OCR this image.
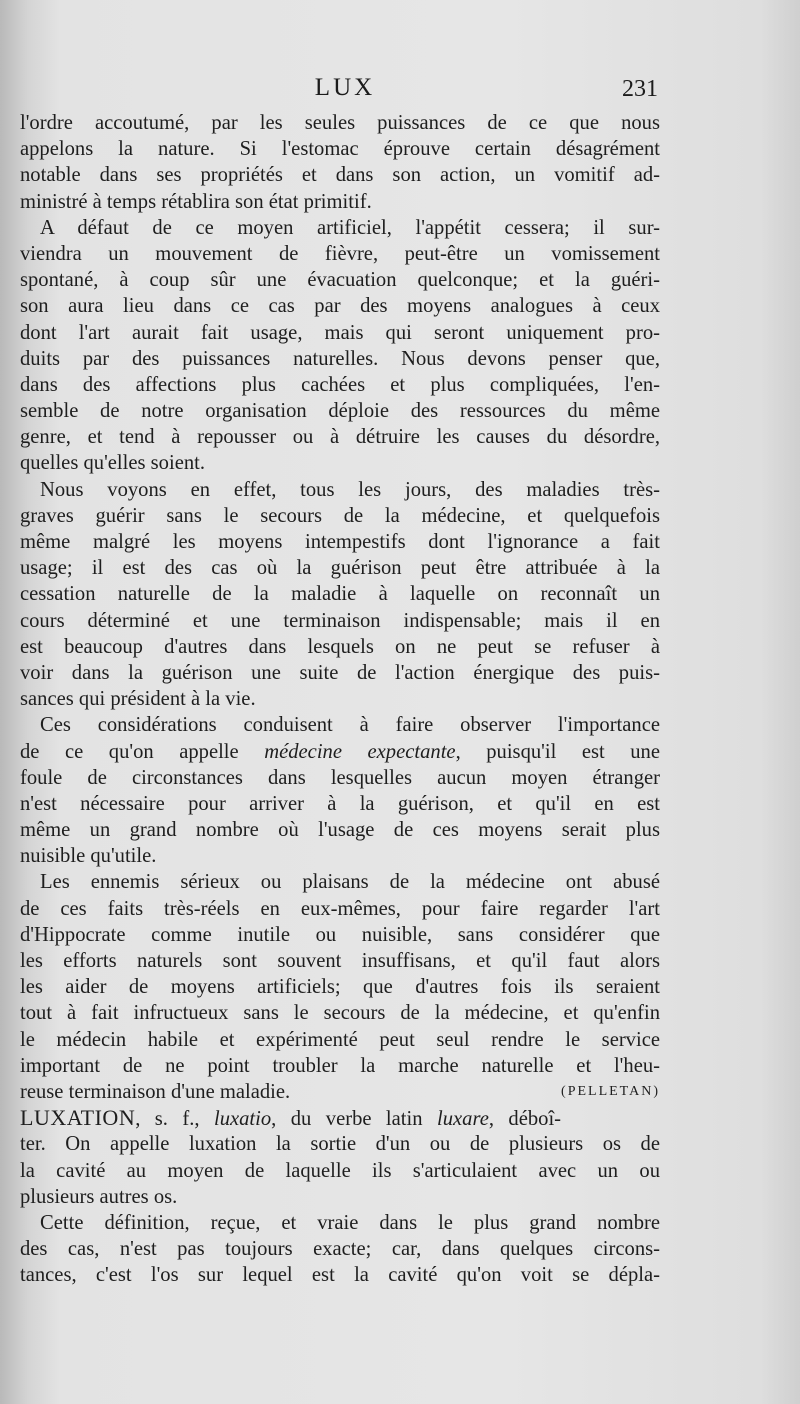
LUX	231
l'ordre accoutumé, par les seules puissances de ce que nous
appelons la nature. Si l'estomac éprouve certain désagrément
notable dans ses propriétés et dans son action, un vomitif ad-
ministré à temps rétablira son état primitif.
A défaut de ce moyen artificiel, l'appétit cessera; il sur-
viendra un mouvement de fièvre, peut-être un vomissement
spontané, à coup sûr une évacuation quelconque; et la guéri-
son aura lieu dans ce cas par des moyens analogues à ceux
dont l'art aurait fait usage, mais qui seront uniquement pro-
duits par des puissances naturelles. Nous devons penser que,
dans des affections plus cachées et plus compliquées, l'en-
semble de notre organisation déploie des ressources du même
genre, et tend à repousser ou à détruire les causes du désordre,
quelles qu'elles soient.
Nous voyons en effet, tous les jours, des maladies très-
graves guérir sans le secours de la médecine, et quelquefois
même malgré les moyens intempestifs dont l'ignorance a fait
usage; il est des cas où la guérison peut être attribuée à la
cessation naturelle de la maladie à laquelle on reconnaît un
cours déterminé et une terminaison indispensable; mais il en
est beaucoup d'autres dans lesquels on ne peut se refuser à
voir dans la guérison une suite de l'action énergique des puis-
sances qui président à la vie.
Ces considérations conduisent à faire observer l'importance
de ce qu'on appelle médecine expectante, puisqu'il est une
foule de circonstances dans lesquelles aucun moyen étranger
n'est nécessaire pour arriver à la guérison, et qu'il en est
même un grand nombre où l'usage de ces moyens serait plus
nuisible qu'utile.
Les ennemis sérieux ou plaisans de la médecine ont abusé
de ces faits très-réels en eux-mêmes, pour faire regarder l'art
d'Hippocrate comme inutile ou nuisible, sans considérer que
les efforts naturels sont souvent insuffisans, et qu'il faut alors
les aider de moyens artificiels; que d'autres fois ils seraient
tout à fait infructueux sans le secours de la médecine, et qu'enfin
le médecin habile et expérimenté peut seul rendre le service
important de ne point troubler la marche naturelle et l'heu-
reuse terminaison d'une maladie.	(PELLETAN)
LUXATION, s. f., luxatio, du verbe latin luxare, déboî-
ter. On appelle luxation la sortie d'un ou de plusieurs os de
la cavité au moyen de laquelle ils s'articulaient avec un ou
plusieurs autres os.
Cette définition, reçue, et vraie dans le plus grand nombre
des cas, n'est pas toujours exacte; car, dans quelques circons-
tances, c'est l'os sur lequel est la cavité qu'on voit se dépla-
